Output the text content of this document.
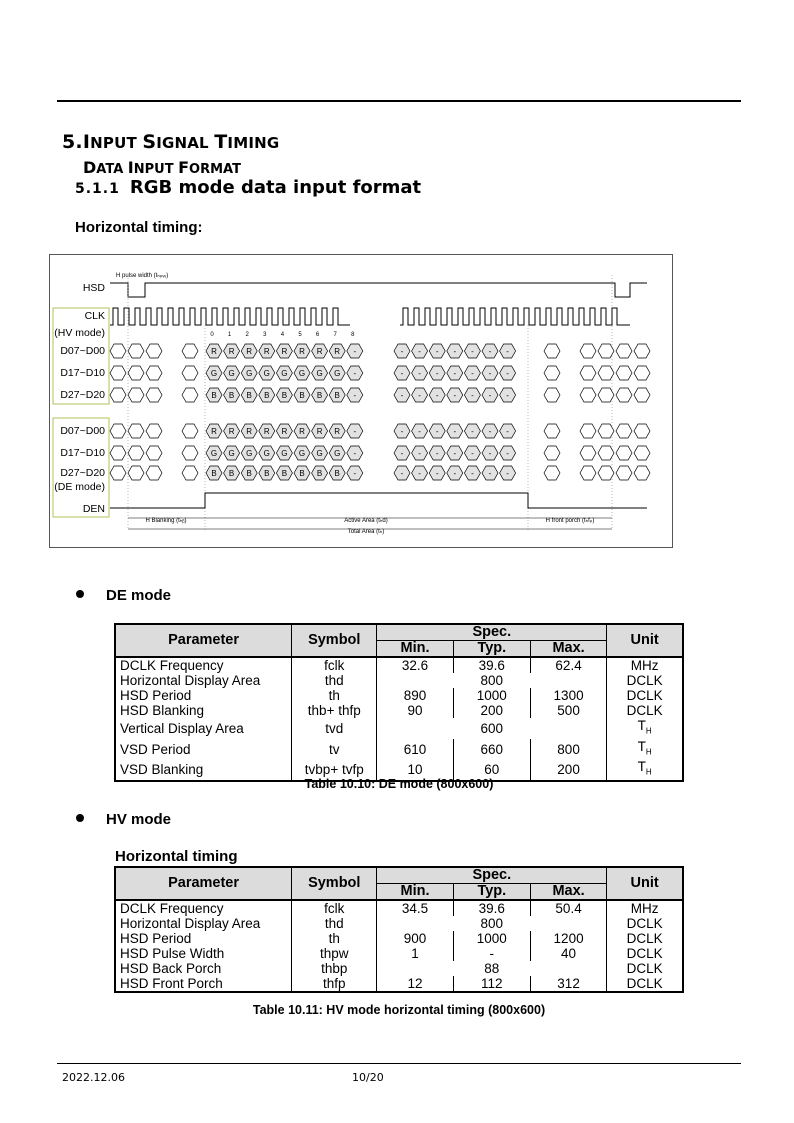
5.INPUT SIGNAL TIMING
DATA INPUT FORMAT
5.1.1 RGB mode data input format
Horizontal timing:
HSD
CLK
(HV mode)
D07~D00
D17~D10
D27~D20
D07~D00
D17~D10
D27~D20
(DE mode)
DEN
H pulse width (tₕₚᵥᵥ)
0 1 2 3 4 5 6 7 8
R R R R R R R R -	- - - - - - -
G G G G G G G G -	- - - - - - -
B B B B B B B B -	- - - - - - -
R R R R R R R R -	- - - - - - -
G G G G G G G G -	- - - - - - -
B B B B B B B B -	- - - - - - -
H Blanking (tₕᵦ)	Active Area (tₕd)	H front porch (tₕfₚ)
Total Area (tₕ)
DE mode
Parameter	Symbol	Spec.			Unit
		Min.	Typ.	Max.	
DCLK Frequency	fclk	32.6	39.6	62.4	MHz
Horizontal Display Area	thd	800			DCLK
HSD Period	th	890	1000	1300	DCLK
HSD Blanking	thb+ thfp	90	200	500	DCLK
Vertical Display Area	tvd	600			$T_H$
VSD Period	tv	610	660	800	$T_H$
VSD Blanking	tvbp+ tvfp	10	60	200	$T_H$
Table 10.10: DE mode (800x600)
HV mode
Horizontal timing
Parameter	Symbol	Spec.			Unit
		Min.	Typ.	Max.	
DCLK Frequency	fclk	34.5	39.6	50.4	MHz
Horizontal Display Area	thd	800			DCLK
HSD Period	th	900	1000	1200	DCLK
HSD Pulse Width	thpw	1	-	40	DCLK
HSD Back Porch	thbp	88			DCLK
HSD Front Porch	thfp	12	112	312	DCLK
Table 10.11: HV mode horizontal timing (800x600)
2022.12.06	10/20
